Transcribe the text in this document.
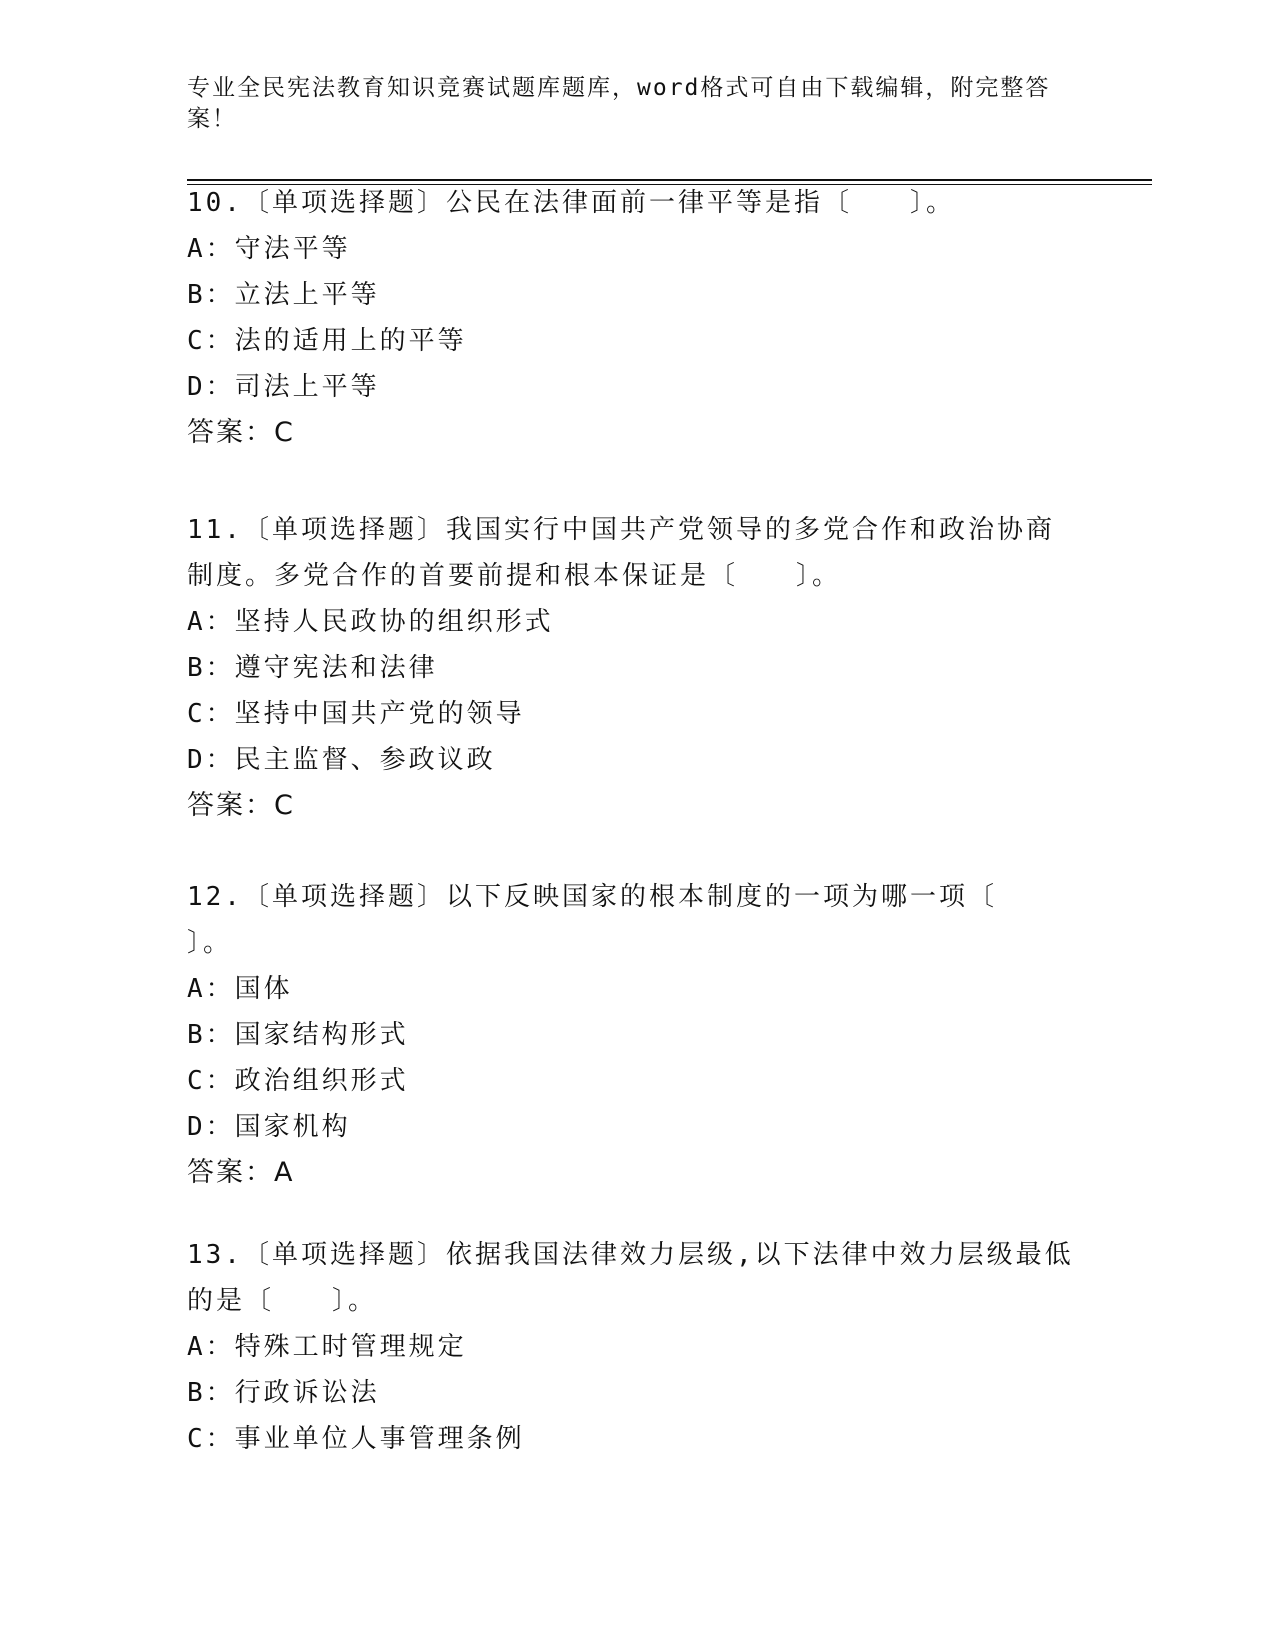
专业全民宪法教育知识竞赛试题库题库，word格式可自由下载编辑，附完整答案！

10.〔单项选择题〕公民在法律面前一律平等是指〔　　〕。

A：守法平等

B：立法上平等

C：法的适用上的平等

D：司法上平等

答案：C

11.〔单项选择题〕我国实行中国共产党领导的多党合作和政治协商制度。多党合作的首要前提和根本保证是〔　　〕。

A：坚持人民政协的组织形式

B：遵守宪法和法律

C：坚持中国共产党的领导

D：民主监督、参政议政

答案：C

12.〔单项选择题〕以下反映国家的根本制度的一项为哪一项〔　　〕。

A：国体

B：国家结构形式

C：政治组织形式

D：国家机构

答案：A

13.〔单项选择题〕依据我国法律效力层级,以下法律中效力层级最低的是〔　　〕。

A：特殊工时管理规定

B：行政诉讼法

C：事业单位人事管理条例
